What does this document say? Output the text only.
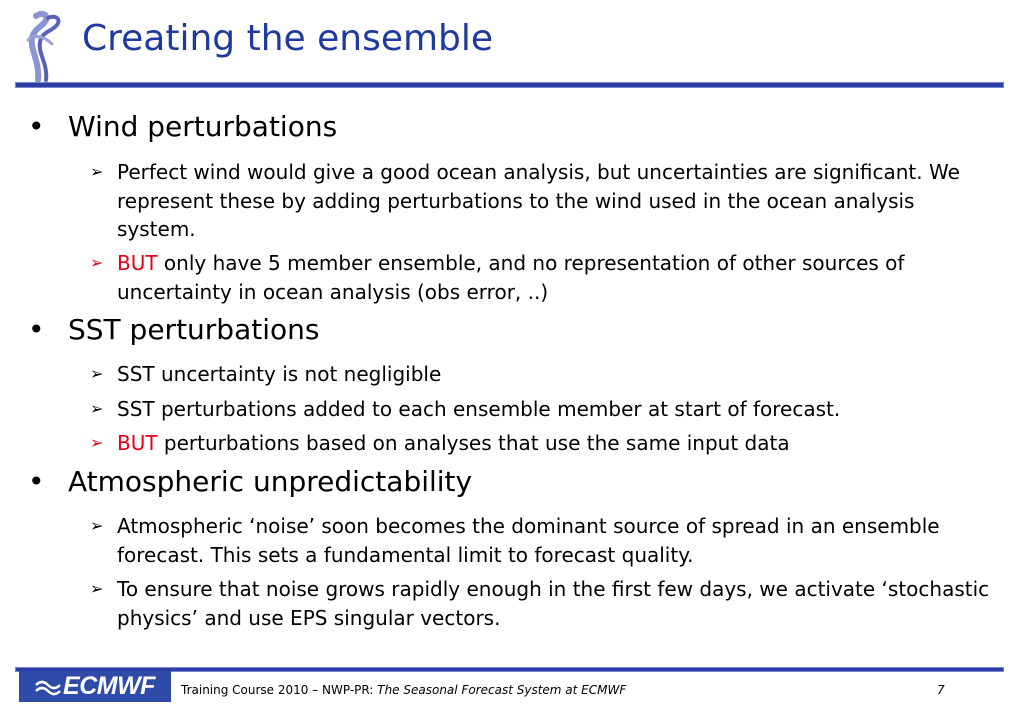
Creating the ensemble
• Wind perturbations
➢ Perfect wind would give a good ocean analysis, but uncertainties are significant. We represent these by adding perturbations to the wind used in the ocean analysis system.
➢ BUT only have 5 member ensemble, and no representation of other sources of uncertainty in ocean analysis (obs error, ..)
• SST perturbations
➢ SST uncertainty is not negligible
➢ SST perturbations added to each ensemble member at start of forecast.
➢ BUT perturbations based on analyses that use the same input data
• Atmospheric unpredictability
➢ Atmospheric ‘noise’ soon becomes the dominant source of spread in an ensemble forecast. This sets a fundamental limit to forecast quality.
➢ To ensure that noise grows rapidly enough in the first few days, we activate ‘stochastic physics’ and use EPS singular vectors.
ECMWF	Training Course 2010 – NWP-PR: The Seasonal Forecast System at ECMWF	7
